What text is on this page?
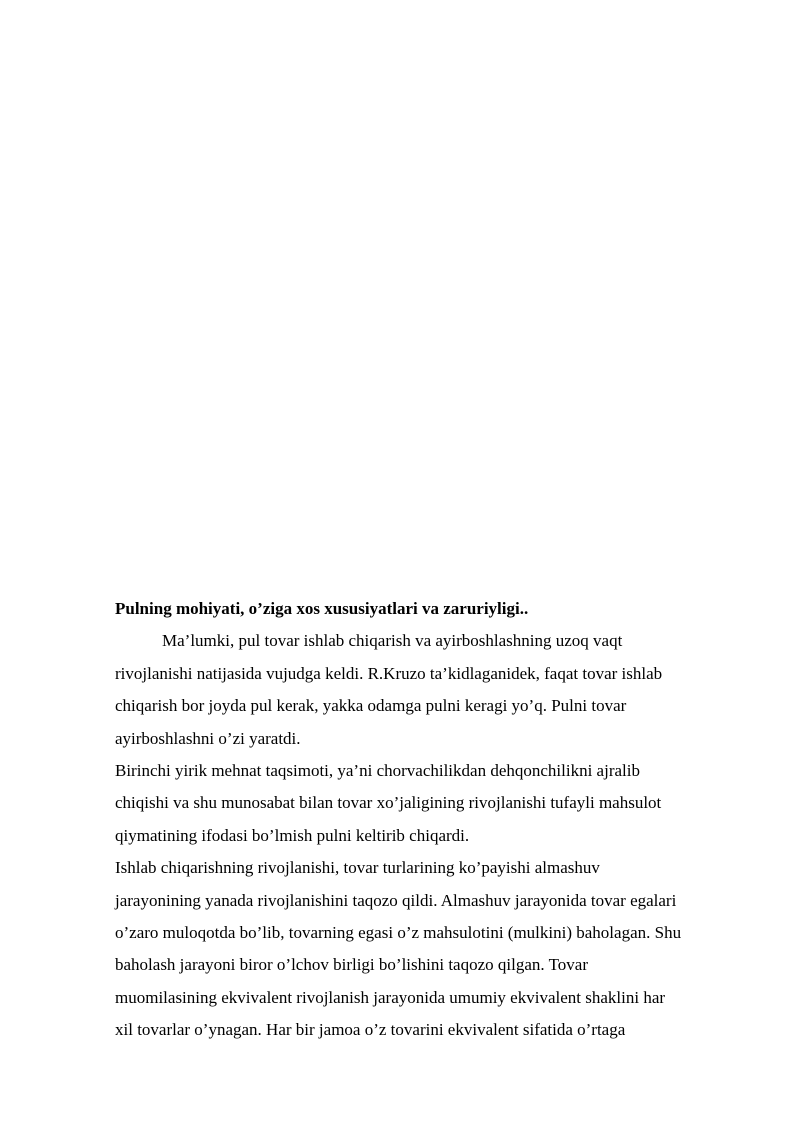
Pulning mohiyati, o’ziga xos xususiyatlari va zaruriyligi..
Ma’lumki, pul tovar ishlab chiqarish va ayirboshlashning uzoq vaqt
rivojlanishi natijasida vujudga keldi. R.Kruzo ta’kidlaganidek, faqat tovar ishlab
chiqarish bor joyda pul kerak, yakka odamga pulni keragi yo’q. Pulni tovar
ayirboshlashni o’zi yaratdi.
Birinchi yirik mehnat taqsimoti, ya’ni chorvachilikdan dehqonchilikni ajralib
chiqishi va shu munosabat bilan tovar xo’jaligining rivojlanishi tufayli mahsulot
qiymatining ifodasi bo’lmish pulni keltirib chiqardi.
Ishlab chiqarishning rivojlanishi, tovar turlarining ko’payishi almashuv
jarayonining yanada rivojlanishini taqozo qildi. Almashuv jarayonida tovar egalari
o’zaro muloqotda bo’lib, tovarning egasi o’z mahsulotini (mulkini) baholagan. Shu
baholash jarayoni biror o’lchov birligi bo’lishini taqozo qilgan. Tovar
muomilasining ekvivalent rivojlanish jarayonida umumiy ekvivalent shaklini har
xil tovarlar o’ynagan. Har bir jamoa o’z tovarini ekvivalent sifatida o’rtaga
